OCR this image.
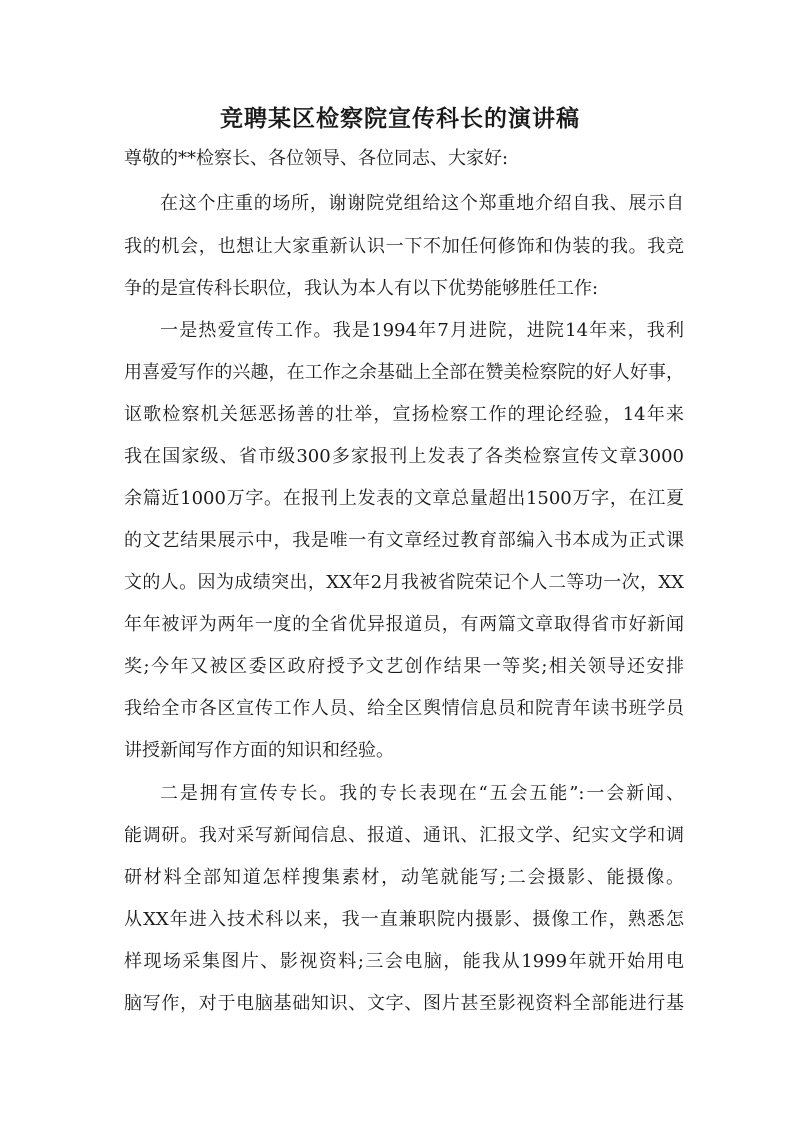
竞聘某区检察院宣传科长的演讲稿

尊敬的**检察长、各位领导、各位同志、大家好:

在这个庄重的场所，谢谢院党组给这个郑重地介绍自我、展示自

我的机会，也想让大家重新认识一下不加任何修饰和伪装的我。我竞

争的是宣传科长职位，我认为本人有以下优势能够胜任工作:

一是热爱宣传工作。我是1994年7月进院，进院14年来，我利

用喜爱写作的兴趣，在工作之余基础上全部在赞美检察院的好人好事，

讴歌检察机关惩恶扬善的壮举，宣扬检察工作的理论经验，14年来

我在国家级、省市级300多家报刊上发表了各类检察宣传文章3000

余篇近1000万字。在报刊上发表的文章总量超出1500万字，在江夏

的文艺结果展示中，我是唯一有文章经过教育部编入书本成为正式课

文的人。因为成绩突出，XX年2月我被省院荣记个人二等功一次，XX

年年被评为两年一度的全省优异报道员，有两篇文章取得省市好新闻

奖;今年又被区委区政府授予文艺创作结果一等奖;相关领导还安排

我给全市各区宣传工作人员、给全区舆情信息员和院青年读书班学员

讲授新闻写作方面的知识和经验。

二是拥有宣传专长。我的专长表现在“五会五能”:一会新闻、

能调研。我对采写新闻信息、报道、通讯、汇报文学、纪实文学和调

研材料全部知道怎样搜集素材，动笔就能写;二会摄影、能摄像。

从XX年进入技术科以来，我一直兼职院内摄影、摄像工作，熟悉怎

样现场采集图片、影视资料;三会电脑，能我从1999年就开始用电

脑写作，对于电脑基础知识、文字、图片甚至影视资料全部能进行基
